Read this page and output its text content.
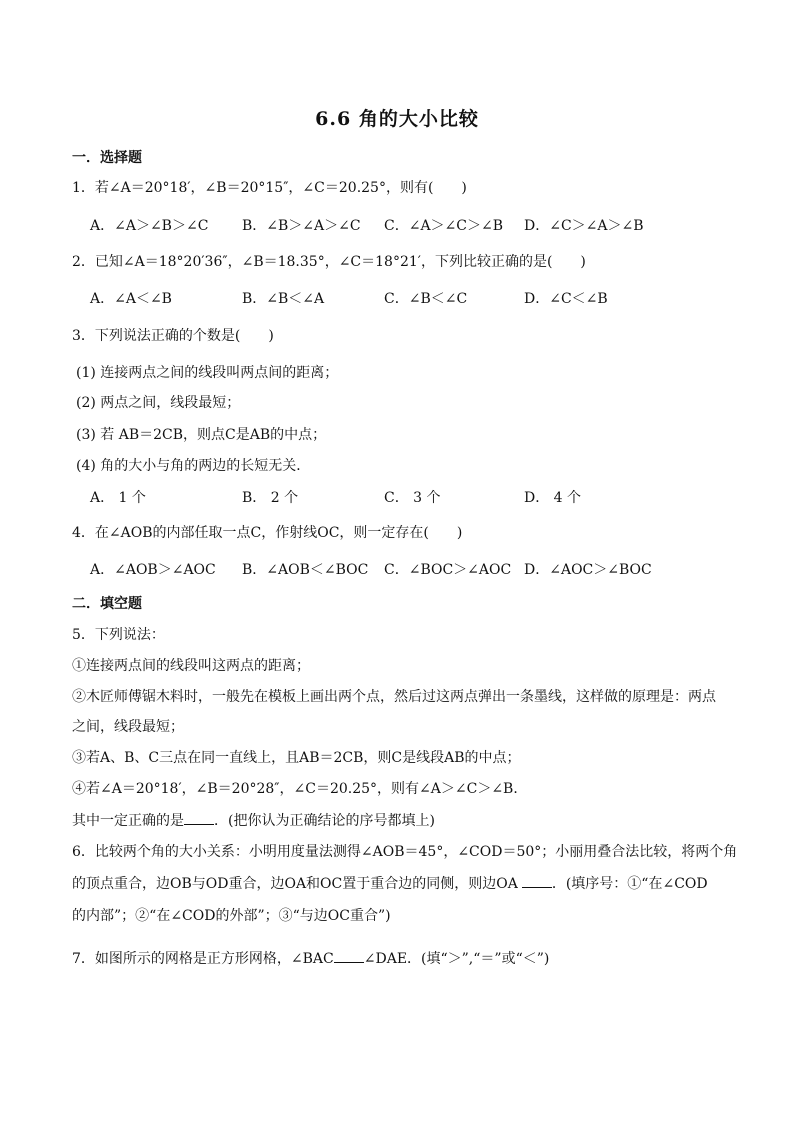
6.6 角的大小比较
一．选择题
1．若∠A＝20°18′，∠B＝20°15″，∠C＝20.25°，则有(　　)
A．∠A＞∠B＞∠C B．∠B＞∠A＞∠C C．∠A＞∠C＞∠B D．∠C＞∠A＞∠B
2．已知∠A＝18°20′36″，∠B＝18.35°，∠C＝18°21′，下列比较正确的是(　　)
A．∠A＜∠B	B．∠B＜∠A	C．∠B＜∠C	D．∠C＜∠B
3．下列说法正确的个数是(　　)
(1) 连接两点之间的线段叫两点间的距离；
(2) 两点之间，线段最短；
(3) 若 AB＝2CB，则点C是AB的中点；
(4) 角的大小与角的两边的长短无关．
A． 1 个	B． 2 个	C． 3 个	D． 4 个
4．在∠AOB的内部任取一点C，作射线OC，则一定存在(　　)
A．∠AOB＞∠AOC B．∠AOB＜∠BOC C．∠BOC＞∠AOC D．∠AOC＞∠BOC
二．填空题
5．下列说法：
①连接两点间的线段叫这两点的距离；
②木匠师傅锯木料时，一般先在模板上画出两个点，然后过这两点弹出一条墨线，这样做的原理是：两点
之间，线段最短；
③若A、B、C三点在同一直线上，且AB＝2CB，则C是线段AB的中点；
④若∠A＝20°18′，∠B＝20°28″，∠C＝20.25°，则有∠A＞∠C＞∠B．
其中一定正确的是 ．(把你认为正确结论的序号都填上)
6．比较两个角的大小关系：小明用度量法测得∠AOB＝45°，∠COD＝50°；小丽用叠合法比较，将两个角
的顶点重合，边OB与OD重合，边OA和OC置于重合边的同侧，则边OA ．(填序号：①“在∠COD
的内部”；②“在∠COD的外部”；③“与边OC重合”)
7．如图所示的网格是正方形网格，∠BAC ∠DAE．(填“＞”,“＝”或“＜”)
